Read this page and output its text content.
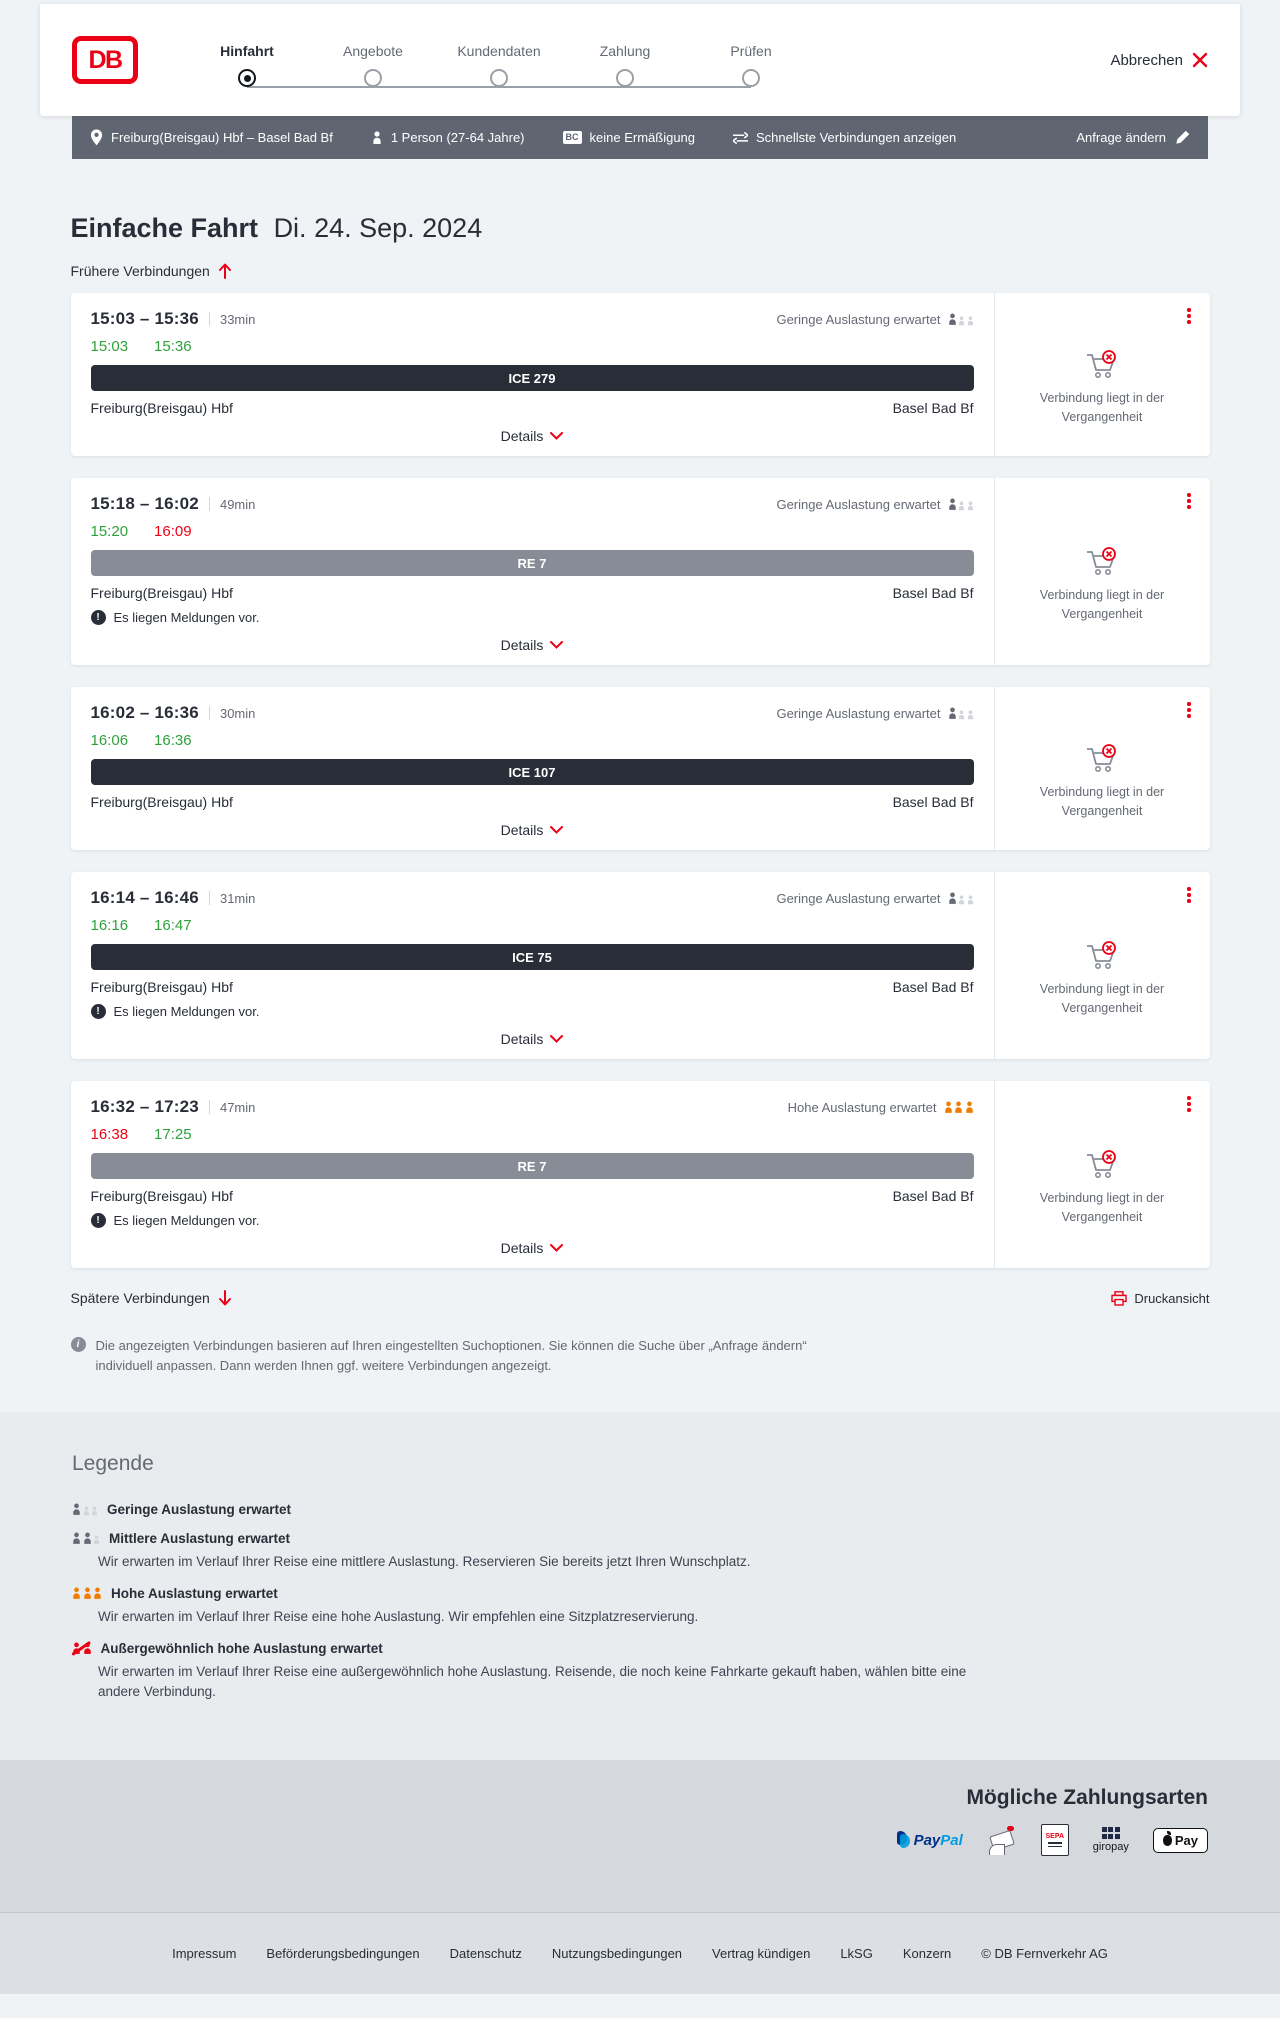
DB	Hinfahrt	Angebote	Kundendaten	Zahlung	Prüfen
Abbrechen
Freiburg(Breisgau) Hbf – Basel Bad Bf	1 Person (27-64 Jahre)	BC keine Ermäßigung	Schnellste Verbindungen anzeigen	Anfrage ändern
Einfache Fahrt Di. 24. Sep. 2024
Frühere Verbindungen
15:03 – 15:36 33min	Geringe Auslastung erwartet
15:03 15:36
ICE 279
Freiburg(Breisgau) Hbf	Basel Bad Bf
Details

Verbindung liegt in der Vergangenheit

15:18 – 16:02 49min	Geringe Auslastung erwartet
15:20 16:09
RE 7
Freiburg(Breisgau) Hbf	Basel Bad Bf
!	Es liegen Meldungen vor.
Details

Verbindung liegt in der Vergangenheit

16:02 – 16:36 30min	Geringe Auslastung erwartet
16:06 16:36
ICE 107
Freiburg(Breisgau) Hbf	Basel Bad Bf
Details

Verbindung liegt in der Vergangenheit

16:14 – 16:46 31min	Geringe Auslastung erwartet
16:16 16:47
ICE 75
Freiburg(Breisgau) Hbf	Basel Bad Bf
!	Es liegen Meldungen vor.
Details

Verbindung liegt in der Vergangenheit

16:32 – 17:23 47min	Hohe Auslastung erwartet
16:38 17:25
RE 7
Freiburg(Breisgau) Hbf	Basel Bad Bf
!	Es liegen Meldungen vor.
Details

Verbindung liegt in der Vergangenheit

Spätere Verbindungen	Druckansicht
i	Die angezeigten Verbindungen basieren auf Ihren eingestellten Suchoptionen. Sie können die Suche über „Anfrage ändern“ individuell anpassen. Dann werden Ihnen ggf. weitere Verbindungen angezeigt.

Legende
Geringe Auslastung erwartet
Mittlere Auslastung erwartet

Wir erwarten im Verlauf Ihrer Reise eine mittlere Auslastung. Reservieren Sie bereits jetzt Ihren Wunschplatz.

Hohe Auslastung erwartet

Wir erwarten im Verlauf Ihrer Reise eine hohe Auslastung. Wir empfehlen eine Sitzplatzreservierung.

Außergewöhnlich hohe Auslastung erwartet

Wir erwarten im Verlauf Ihrer Reise eine außergewöhnlich hohe Auslastung. Reisende, die noch keine Fahrkarte gekauft haben, wählen bitte eine andere Verbindung.

Mögliche Zahlungsarten
PayPal	SEPA
giropay	Pay
Impressum Beförderungsbedingungen Datenschutz Nutzungsbedingungen Vertrag kündigen LkSG Konzern © DB Fernverkehr AG
